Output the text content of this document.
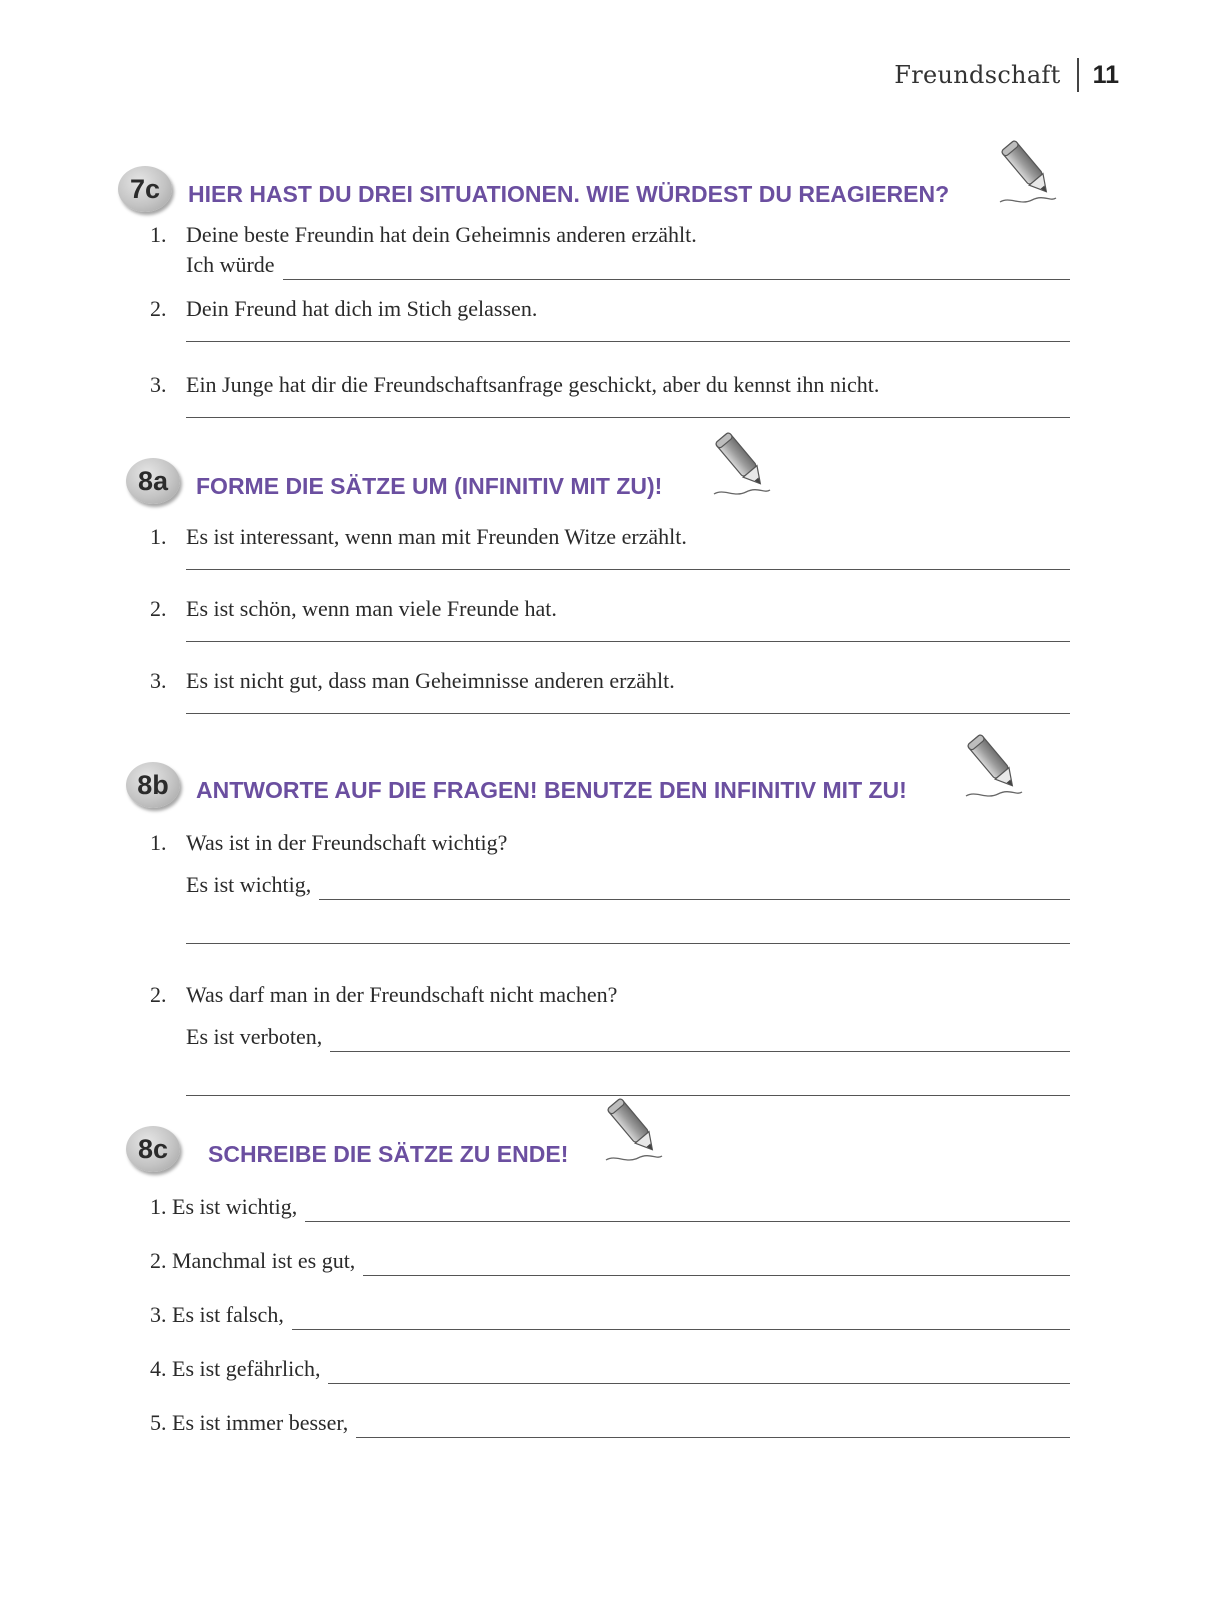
Freundschaft 11
7c	HIER HAST DU DREI SITUATIONEN. WIE WÜRDEST DU REAGIEREN?
1. Deine beste Freundin hat dein Geheimnis anderen erzählt.
Ich würde
2. Dein Freund hat dich im Stich gelassen.
3. Ein Junge hat dir die Freundschaftsanfrage geschickt, aber du kennst ihn nicht.
8a	FORME DIE SÄTZE UM (INFINITIV MIT ZU)!
1. Es ist interessant, wenn man mit Freunden Witze erzählt.
2. Es ist schön, wenn man viele Freunde hat.
3. Es ist nicht gut, dass man Geheimnisse anderen erzählt.
8b	ANTWORTE AUF DIE FRAGEN! BENUTZE DEN INFINITIV MIT ZU!
1. Was ist in der Freundschaft wichtig?
Es ist wichtig,
2. Was darf man in der Freundschaft nicht machen?
Es ist verboten,
8c	SCHREIBE DIE SÄTZE ZU ENDE!
1. Es ist wichtig,
2. Manchmal ist es gut,
3. Es ist falsch,
4. Es ist gefährlich,
5. Es ist immer besser,
